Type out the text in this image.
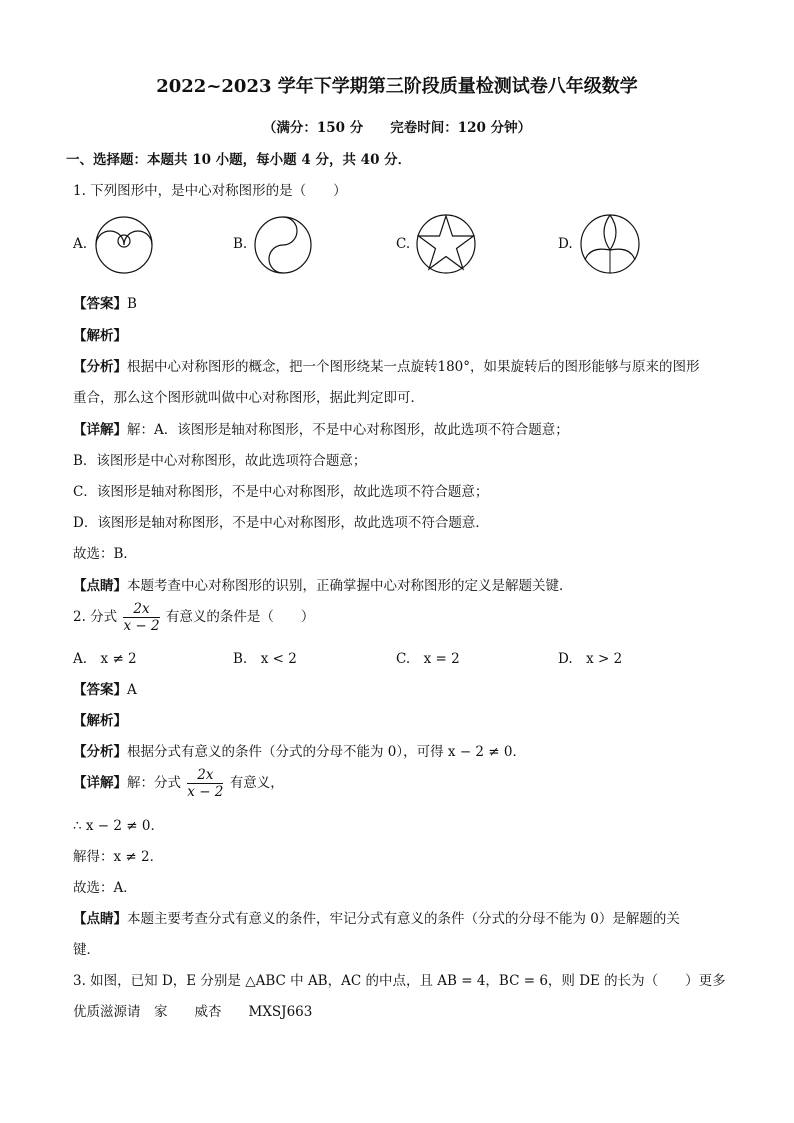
2022~2023 学年下学期第三阶段质量检测试卷八年级数学
（满分：150 分　　完卷时间：120 分钟）
一、选择题：本题共 10 小题，每小题 4 分，共 40 分．
1. 下列图形中，是中心对称图形的是（　　）
A.	B.	C.	D.
【答案】B
【解析】
【分析】根据中心对称图形的概念，把一个图形绕某一点旋转180°，如果旋转后的图形能够与原来的图形
重合，那么这个图形就叫做中心对称图形，据此判定即可．
【详解】解：A．该图形是轴对称图形，不是中心对称图形，故此选项不符合题意；
B．该图形是中心对称图形，故此选项符合题意；
C．该图形是轴对称图形，不是中心对称图形，故此选项不符合题意；
D．该图形是轴对称图形，不是中心对称图形，故此选项不符合题意．
故选：B．
【点睛】本题考查中心对称图形的识别，正确掌握中心对称图形的定义是解题关键．
2. 分式 $\frac{2x}{x - 2}$ 有意义的条件是（　　）
A.　x ≠ 2	B.　x < 2	C.　x = 2	D.　x > 2
【答案】A
【解析】
【分析】根据分式有意义的条件（分式的分母不能为 0），可得 x − 2 ≠ 0．
【详解】解：分式 $\frac{2x}{x - 2}$ 有意义，
∴ x − 2 ≠ 0．
解得：x ≠ 2．
故选：A．
【点睛】本题主要考查分式有意义的条件，牢记分式有意义的条件（分式的分母不能为 0）是解题的关
键．
3. 如图，已知 D，E 分别是 △ABC 中 AB，AC 的中点，且 AB = 4，BC = 6，则 DE 的长为（　　）更多
优质滋源请　家　　威杏　　MXSJ663
